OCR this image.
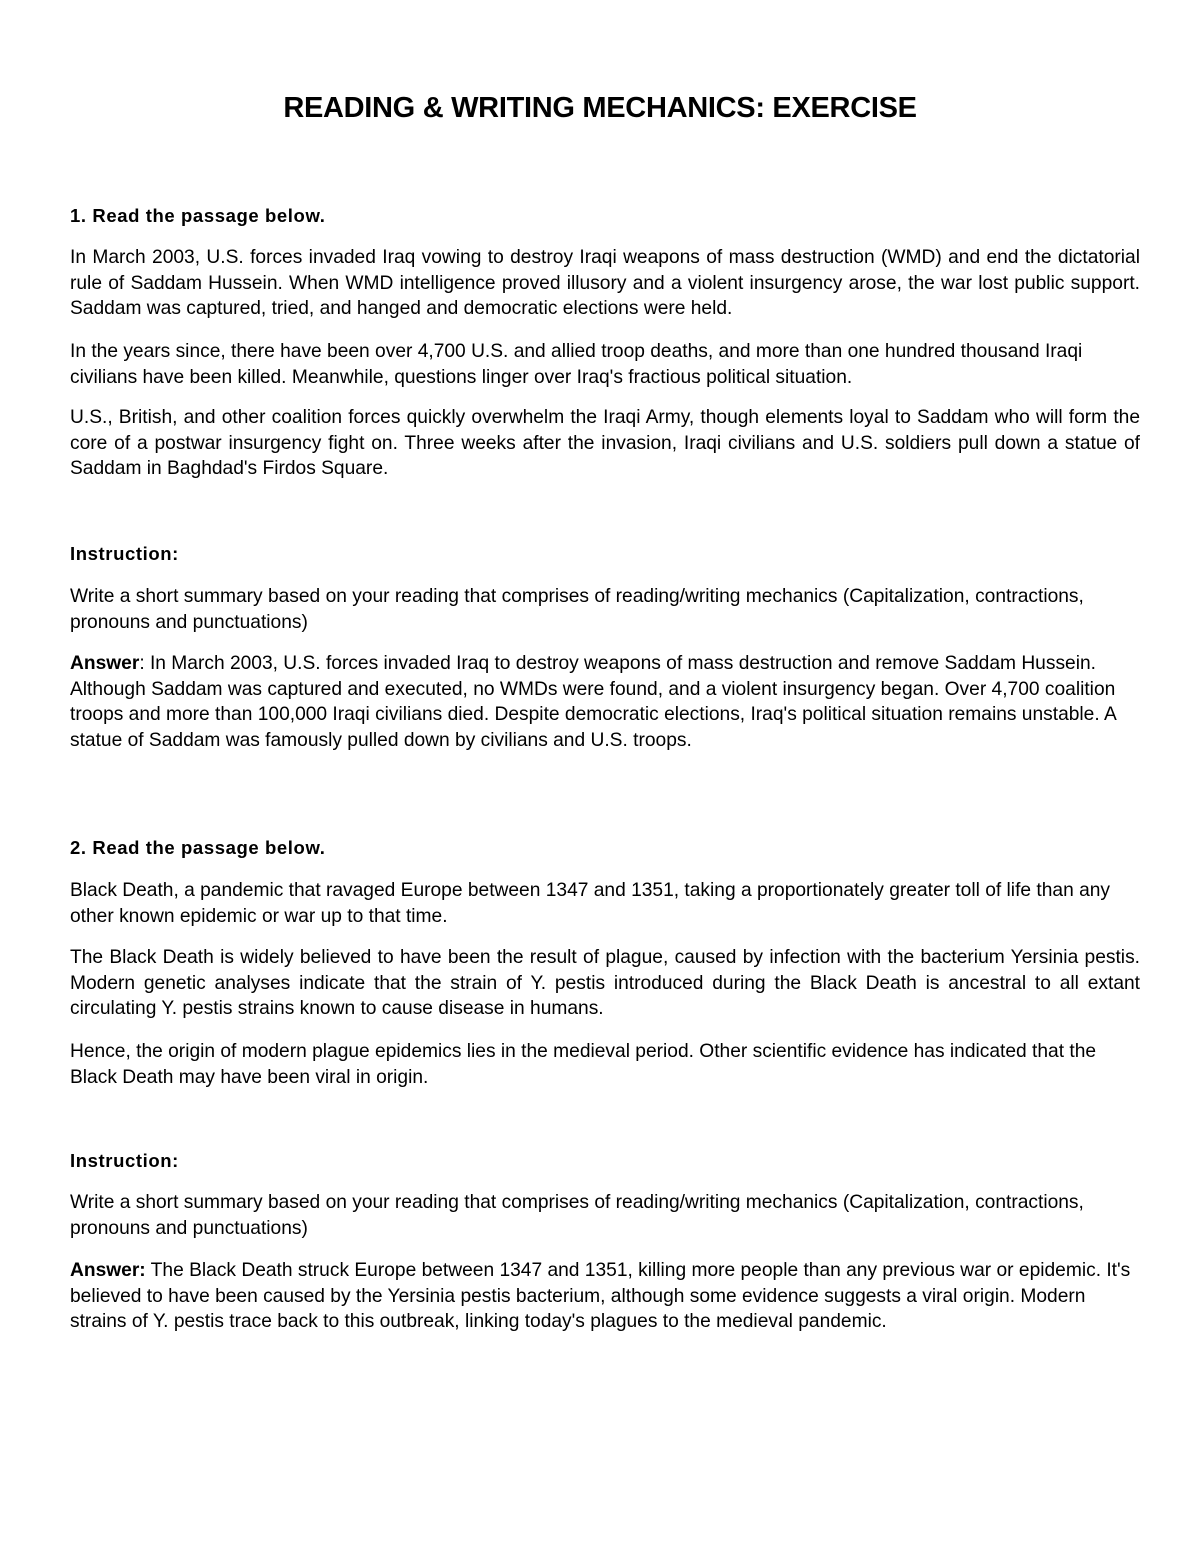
READING & WRITING MECHANICS: EXERCISE

1. Read the passage below.

In March 2003, U.S. forces invaded Iraq vowing to destroy Iraqi weapons of mass destruction (WMD) and end the dictatorial rule of Saddam Hussein. When WMD intelligence proved illusory and a violent insurgency arose, the war lost public support. Saddam was captured, tried, and hanged and democratic elections were held.

In the years since, there have been over 4,700 U.S. and allied troop deaths, and more than one hundred thousand Iraqi civilians have been killed. Meanwhile, questions linger over Iraq's fractious political situation.

U.S., British, and other coalition forces quickly overwhelm the Iraqi Army, though elements loyal to Saddam who will form the core of a postwar insurgency fight on. Three weeks after the invasion, Iraqi civilians and U.S. soldiers pull down a statue of Saddam in Baghdad's Firdos Square.

Instruction:

Write a short summary based on your reading that comprises of reading/writing mechanics (Capitalization, contractions, pronouns and punctuations)

Answer: In March 2003, U.S. forces invaded Iraq to destroy weapons of mass destruction and remove Saddam Hussein. Although Saddam was captured and executed, no WMDs were found, and a violent insurgency began. Over 4,700 coalition troops and more than 100,000 Iraqi civilians died. Despite democratic elections, Iraq's political situation remains unstable. A statue of Saddam was famously pulled down by civilians and U.S. troops.

2. Read the passage below.

Black Death, a pandemic that ravaged Europe between 1347 and 1351, taking a proportionately greater toll of life than any other known epidemic or war up to that time.

The Black Death is widely believed to have been the result of plague, caused by infection with the bacterium Yersinia pestis. Modern genetic analyses indicate that the strain of Y. pestis introduced during the Black Death is ancestral to all extant circulating Y. pestis strains known to cause disease in humans.

Hence, the origin of modern plague epidemics lies in the medieval period. Other scientific evidence has indicated that the Black Death may have been viral in origin.

Instruction:

Write a short summary based on your reading that comprises of reading/writing mechanics (Capitalization, contractions, pronouns and punctuations)

Answer: The Black Death struck Europe between 1347 and 1351, killing more people than any previous war or epidemic. It's believed to have been caused by the Yersinia pestis bacterium, although some evidence suggests a viral origin. Modern strains of Y. pestis trace back to this outbreak, linking today's plagues to the medieval pandemic.
